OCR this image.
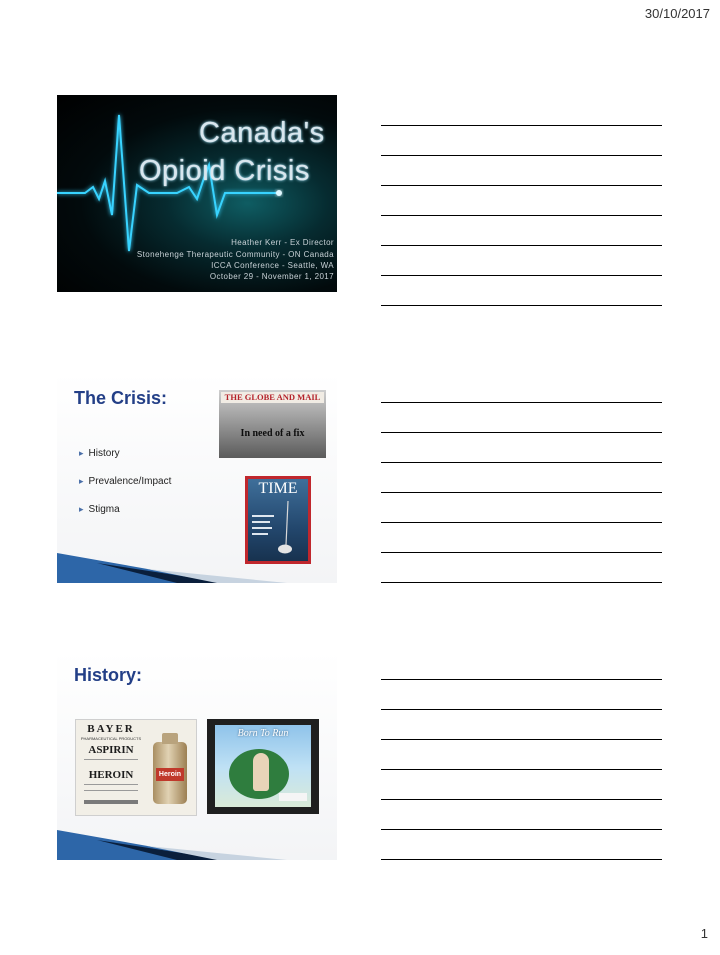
30/10/2017
Canada's
Opioid Crisis
Heather Kerr - Ex Director
Stonehenge Therapeutic Community - ON Canada
ICCA Conference - Seattle, WA
October 29 - November 1, 2017
The Crisis:
▸ History
▸ Prevalence/Impact
▸ Stigma
THE GLOBE AND MAIL
In need of a fix
TIME
History:
BAYER
PHARMACEUTICAL PRODUCTS
ASPIRIN
HEROIN	Heroin
Born To Run
1
